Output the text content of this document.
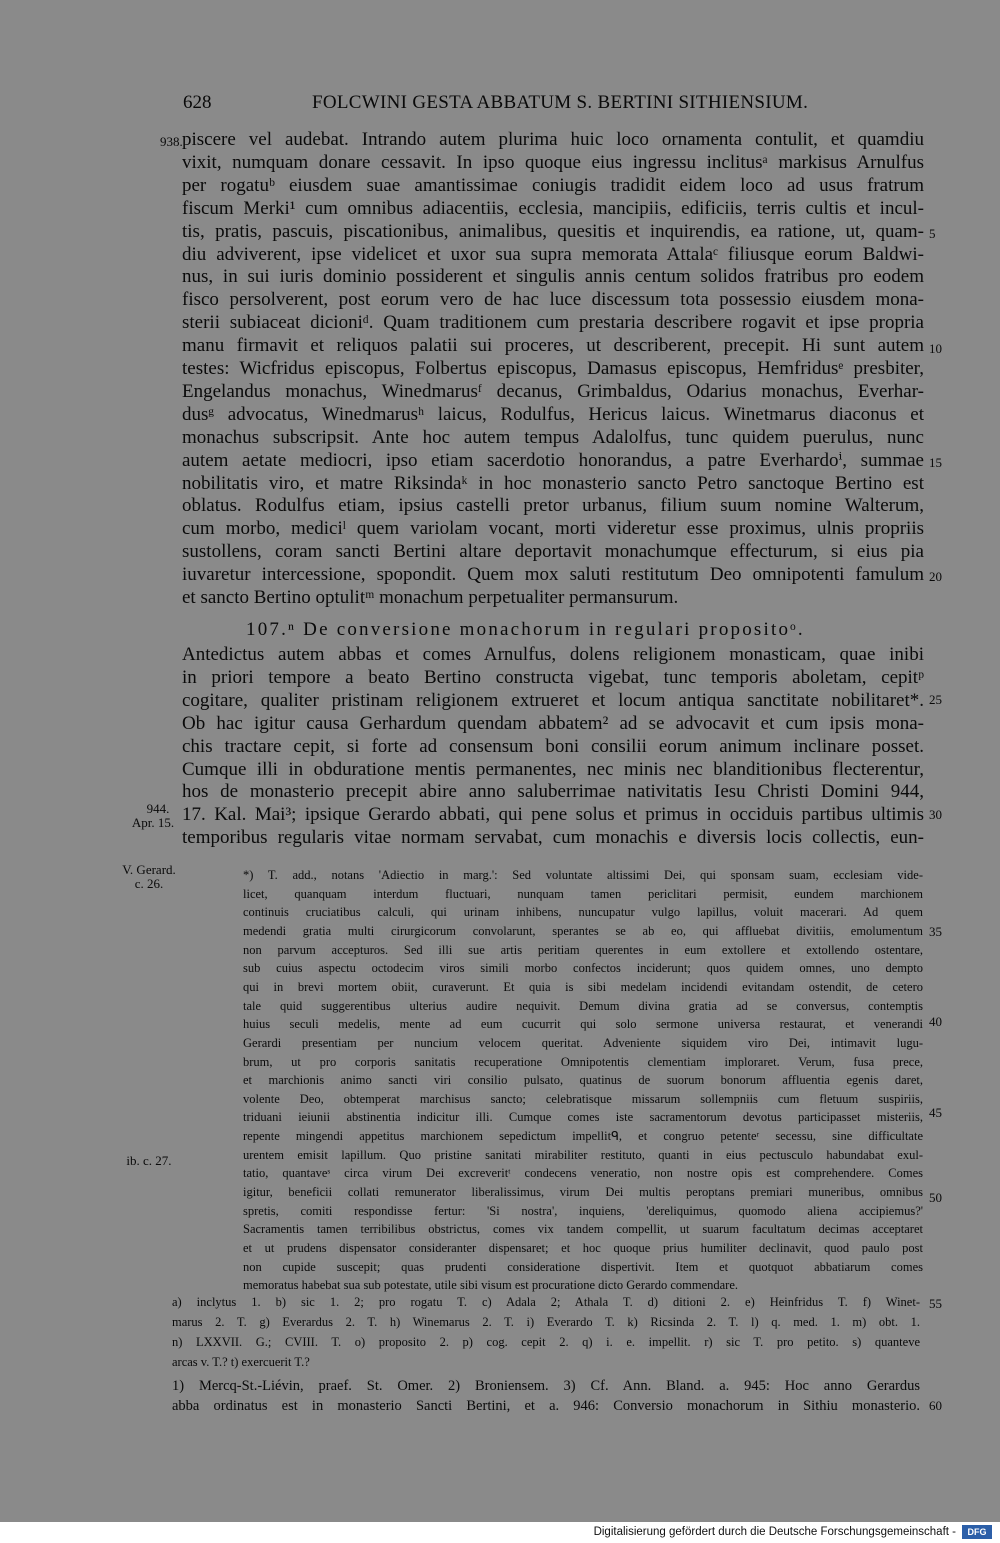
628	FOLCWINI GESTA ABBATUM S. BERTINI SITHIENSIUM.
938. piscere vel audebat. Intrando autem plurima huic loco ornamenta contulit, et quamdiu
vixit, numquam donare cessavit. In ipso quoque eius ingressu inclitusᵃ markisus Arnulfus
per rogatuᵇ eiusdem suae amantissimae coniugis tradidit eidem loco ad usus fratrum
fiscum Merki¹ cum omnibus adiacentiis, ecclesia, mancipiis, edificiis, terris cultis et incul-
tis, pratis, pascuis, piscationibus, animalibus, quesitis et inquirendis, ea ratione, ut, quam-
diu adviverent, ipse videlicet et uxor sua supra memorata Attalaᶜ filiusque eorum Baldwi-
nus, in sui iuris dominio possiderent et singulis annis centum solidos fratribus pro eodem
fisco persolverent, post eorum vero de hac luce discessum tota possessio eiusdem mona-
sterii subiaceat dicioniᵈ. Quam traditionem cum prestaria describere rogavit et ipse propria
manu firmavit et reliquos palatii sui proceres, ut describerent, precepit. Hi sunt autem
testes: Wicfridus episcopus, Folbertus episcopus, Damasus episcopus, Hemfridusᵉ presbiter,
Engelandus monachus, Winedmarusᶠ decanus, Grimbaldus, Odarius monachus, Everhar-
dusᵍ advocatus, Winedmarusʰ laicus, Rodulfus, Hericus laicus. Winetmarus diaconus et
monachus subscripsit. Ante hoc autem tempus Adalolfus, tunc quidem puerulus, nunc
autem aetate mediocri, ipso etiam sacerdotio honorandus, a patre Everhardoⁱ, summae
nobilitatis viro, et matre Riksindaᵏ in hoc monasterio sancto Petro sanctoque Bertino est
oblatus. Rodulfus etiam, ipsius castelli pretor urbanus, filium suum nomine Walterum,
cum morbo, mediciˡ quem variolam vocant, morti videretur esse proximus, ulnis propriis
sustollens, coram sancti Bertini altare deportavit monachumque effecturum, si eius pia
iuvaretur intercessione, spopondit. Quem mox saluti restitutum Deo omnipotenti famulum
et sancto Bertino optulitᵐ monachum perpetualiter permansurum.
107.ⁿ De conversione monachorum in regulari propositoᵒ.
Antedictus autem abbas et comes Arnulfus, dolens religionem monasticam, quae inibi
in priori tempore a beato Bertino constructa vigebat, tunc temporis aboletam, cepitᵖ
cogitare, qualiter pristinam religionem extrueret et locum antiqua sanctitate nobilitaret*.
Ob hac igitur causa Gerhardum quendam abbatem² ad se advocavit et cum ipsis mona-
chis tractare cepit, si forte ad consensum boni consilii eorum animum inclinare posset.
Cumque illi in obduratione mentis permanentes, nec minis nec blanditionibus flecterentur,
hos de monasterio precepit abire anno saluberrimae nativitatis Iesu Christi Domini 944,
17. Kal. Mai³; ipsique Gerardo abbati, qui pene solus et primus in occiduis partibus ultimis
temporibus regularis vitae normam servabat, cum monachis e diversis locis collectis, eun-
944.
Apr. 15.
V. Gerard.
c. 26.
ib. c. 27.
*) T. add., notans 'Adiectio in marg.': Sed voluntate altissimi Dei, qui sponsam suam, ecclesiam vide-
licet, quanquam interdum fluctuari, nunquam tamen periclitari permisit, eundem marchionem
continuis cruciatibus calculi, qui urinam inhibens, nuncupatur vulgo lapillus, voluit macerari. Ad quem
medendi gratia multi cirurgicorum convolarunt, sperantes se ab eo, qui affluebat divitiis, emolumentum
non parvum accepturos. Sed illi sue artis peritiam querentes in eum extollere et extollendo ostentare,
sub cuius aspectu octodecim viros simili morbo confectos inciderunt; quos quidem omnes, uno dempto
qui in brevi mortem obiit, curaverunt. Et quia is sibi medelam incidendi evitandam ostendit, de cetero
tale quid suggerentibus ulterius audire nequivit. Demum divina gratia ad se conversus, contemptis
huius seculi medelis, mente ad eum cucurrit qui solo sermone universa restaurat, et venerandi
Gerardi presentiam per nuncium velocem queritat. Adveniente siquidem viro Dei, intimavit lugu-
brum, ut pro corporis sanitatis recuperatione Omnipotentis clementiam imploraret. Verum, fusa prece,
et marchionis animo sancti viri consilio pulsato, quatinus de suorum bonorum affluentia egenis daret,
volente Deo, obtemperat marchisus sancto; celebratisque missarum sollempniis cum fletuum suspiriis,
triduani ieiunii abstinentia indicitur illi. Cumque comes iste sacramentorum devotus participasset misteriis,
repente mingendi appetitus marchionem sepedictum impellitᑫ, et congruo petenteʳ secessu, sine difficultate
urentem emisit lapillum. Quo pristine sanitati mirabiliter restituto, quanti in eius pectusculo habundabat exul-
tatio, quantaveˢ circa virum Dei excreveritᵗ condecens veneratio, non nostre opis est comprehendere. Comes
igitur, beneficii collati remunerator liberalissimus, virum Dei multis peroptans premiari muneribus, omnibus
spretis, comiti respondisse fertur: 'Si nostra', inquiens, 'dereliquimus, quomodo aliena accipiemus?'
Sacramentis tamen terribilibus obstrictus, comes vix tandem compellit, ut suarum facultatum decimas acceptaret
et ut prudens dispensator consideranter dispensaret; et hoc quoque prius humiliter declinavit, quod paulo post
non cupide suscepit; quas prudenti consideratione dispertivit. Item et quotquot abbatiarum comes
memoratus habebat sua sub potestate, utile sibi visum est procuratione dicto Gerardo commendare.
a) inclytus 1. b) sic 1. 2; pro rogatu T. c) Adala 2; Athala T. d) ditioni 2. e) Heinfridus T. f) Winet-
marus 2. T. g) Everardus 2. T. h) Winemarus 2. T. i) Everardo T. k) Ricsinda 2. T. l) q. med. 1. m) obt. 1.
n) LXXVII. G.; CVIII. T. o) proposito 2. p) cog. cepit 2. q) i. e. impellit. r) sic T. pro petito. s) quanteve
arcas v. T.? t) exercuerit T.?
1) Mercq-St.-Liévin, praef. St. Omer. 2) Broniensem. 3) Cf. Ann. Bland. a. 945: Hoc anno Gerardus
abba ordinatus est in monasterio Sancti Bertini, et a. 946: Conversio monachorum in Sithiu monasterio.
5
10
15
20
25
30
35
40
45
50
55
60
Digitalisierung gefördert durch die Deutsche Forschungsgemeinschaft -	DFG
